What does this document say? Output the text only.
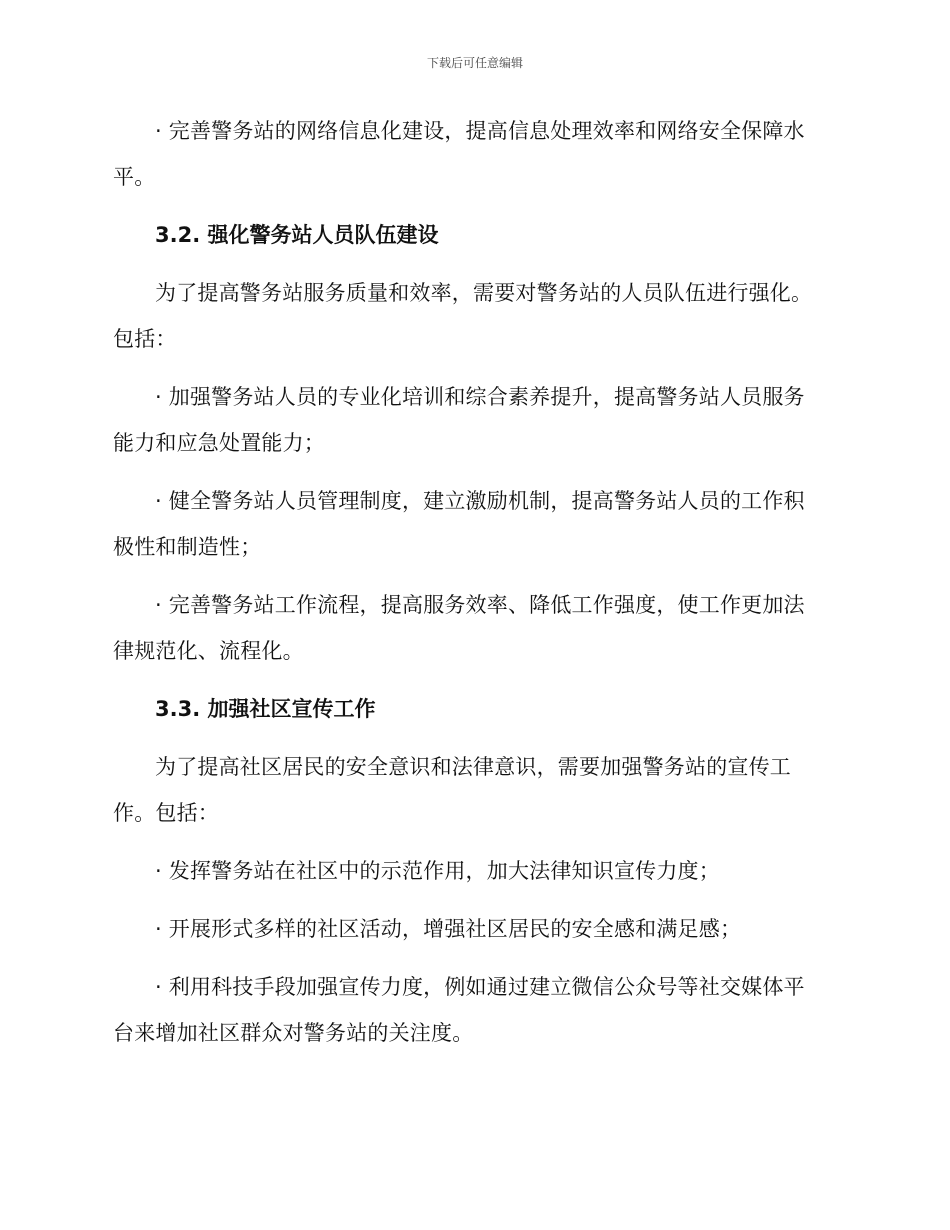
下载后可任意编辑

· 完善警务站的网络信息化建设，提高信息处理效率和网络安全保障水平。

3.2. 强化警务站人员队伍建设

为了提高警务站服务质量和效率，需要对警务站的人员队伍进行强化。包括：

· 加强警务站人员的专业化培训和综合素养提升，提高警务站人员服务能力和应急处置能力；

· 健全警务站人员管理制度，建立激励机制，提高警务站人员的工作积极性和制造性；

· 完善警务站工作流程，提高服务效率、降低工作强度，使工作更加法律规范化、流程化。

3.3. 加强社区宣传工作

为了提高社区居民的安全意识和法律意识，需要加强警务站的宣传工作。包括：

· 发挥警务站在社区中的示范作用，加大法律知识宣传力度；

· 开展形式多样的社区活动，增强社区居民的安全感和满足感；

· 利用科技手段加强宣传力度，例如通过建立微信公众号等社交媒体平台来增加社区群众对警务站的关注度。
